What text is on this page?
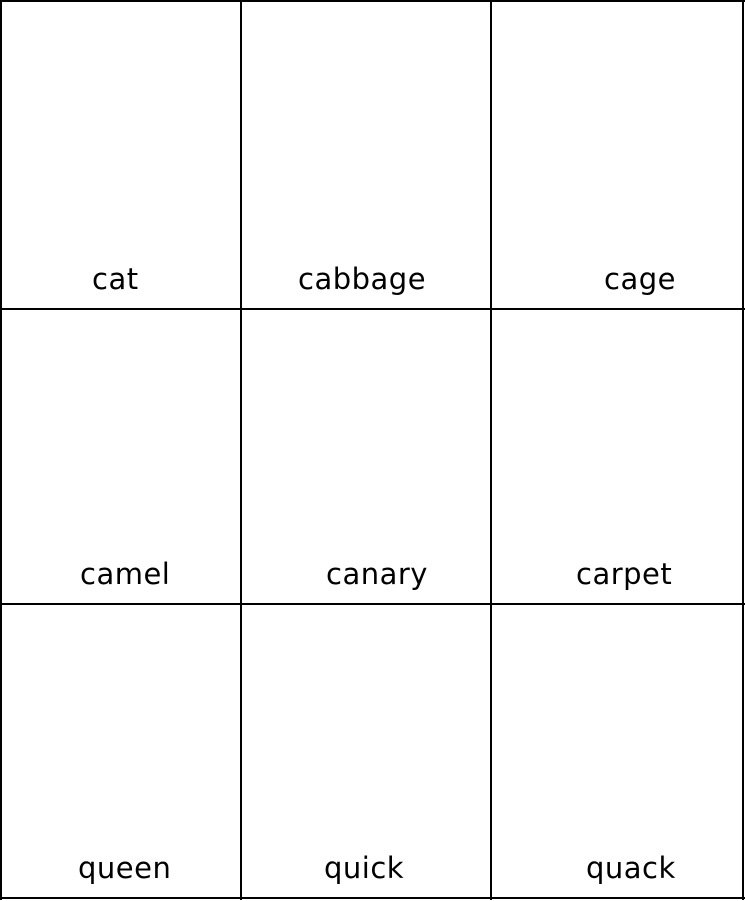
cat	cabbage	cage
camel	canary	carpet
queen	quick	quack
